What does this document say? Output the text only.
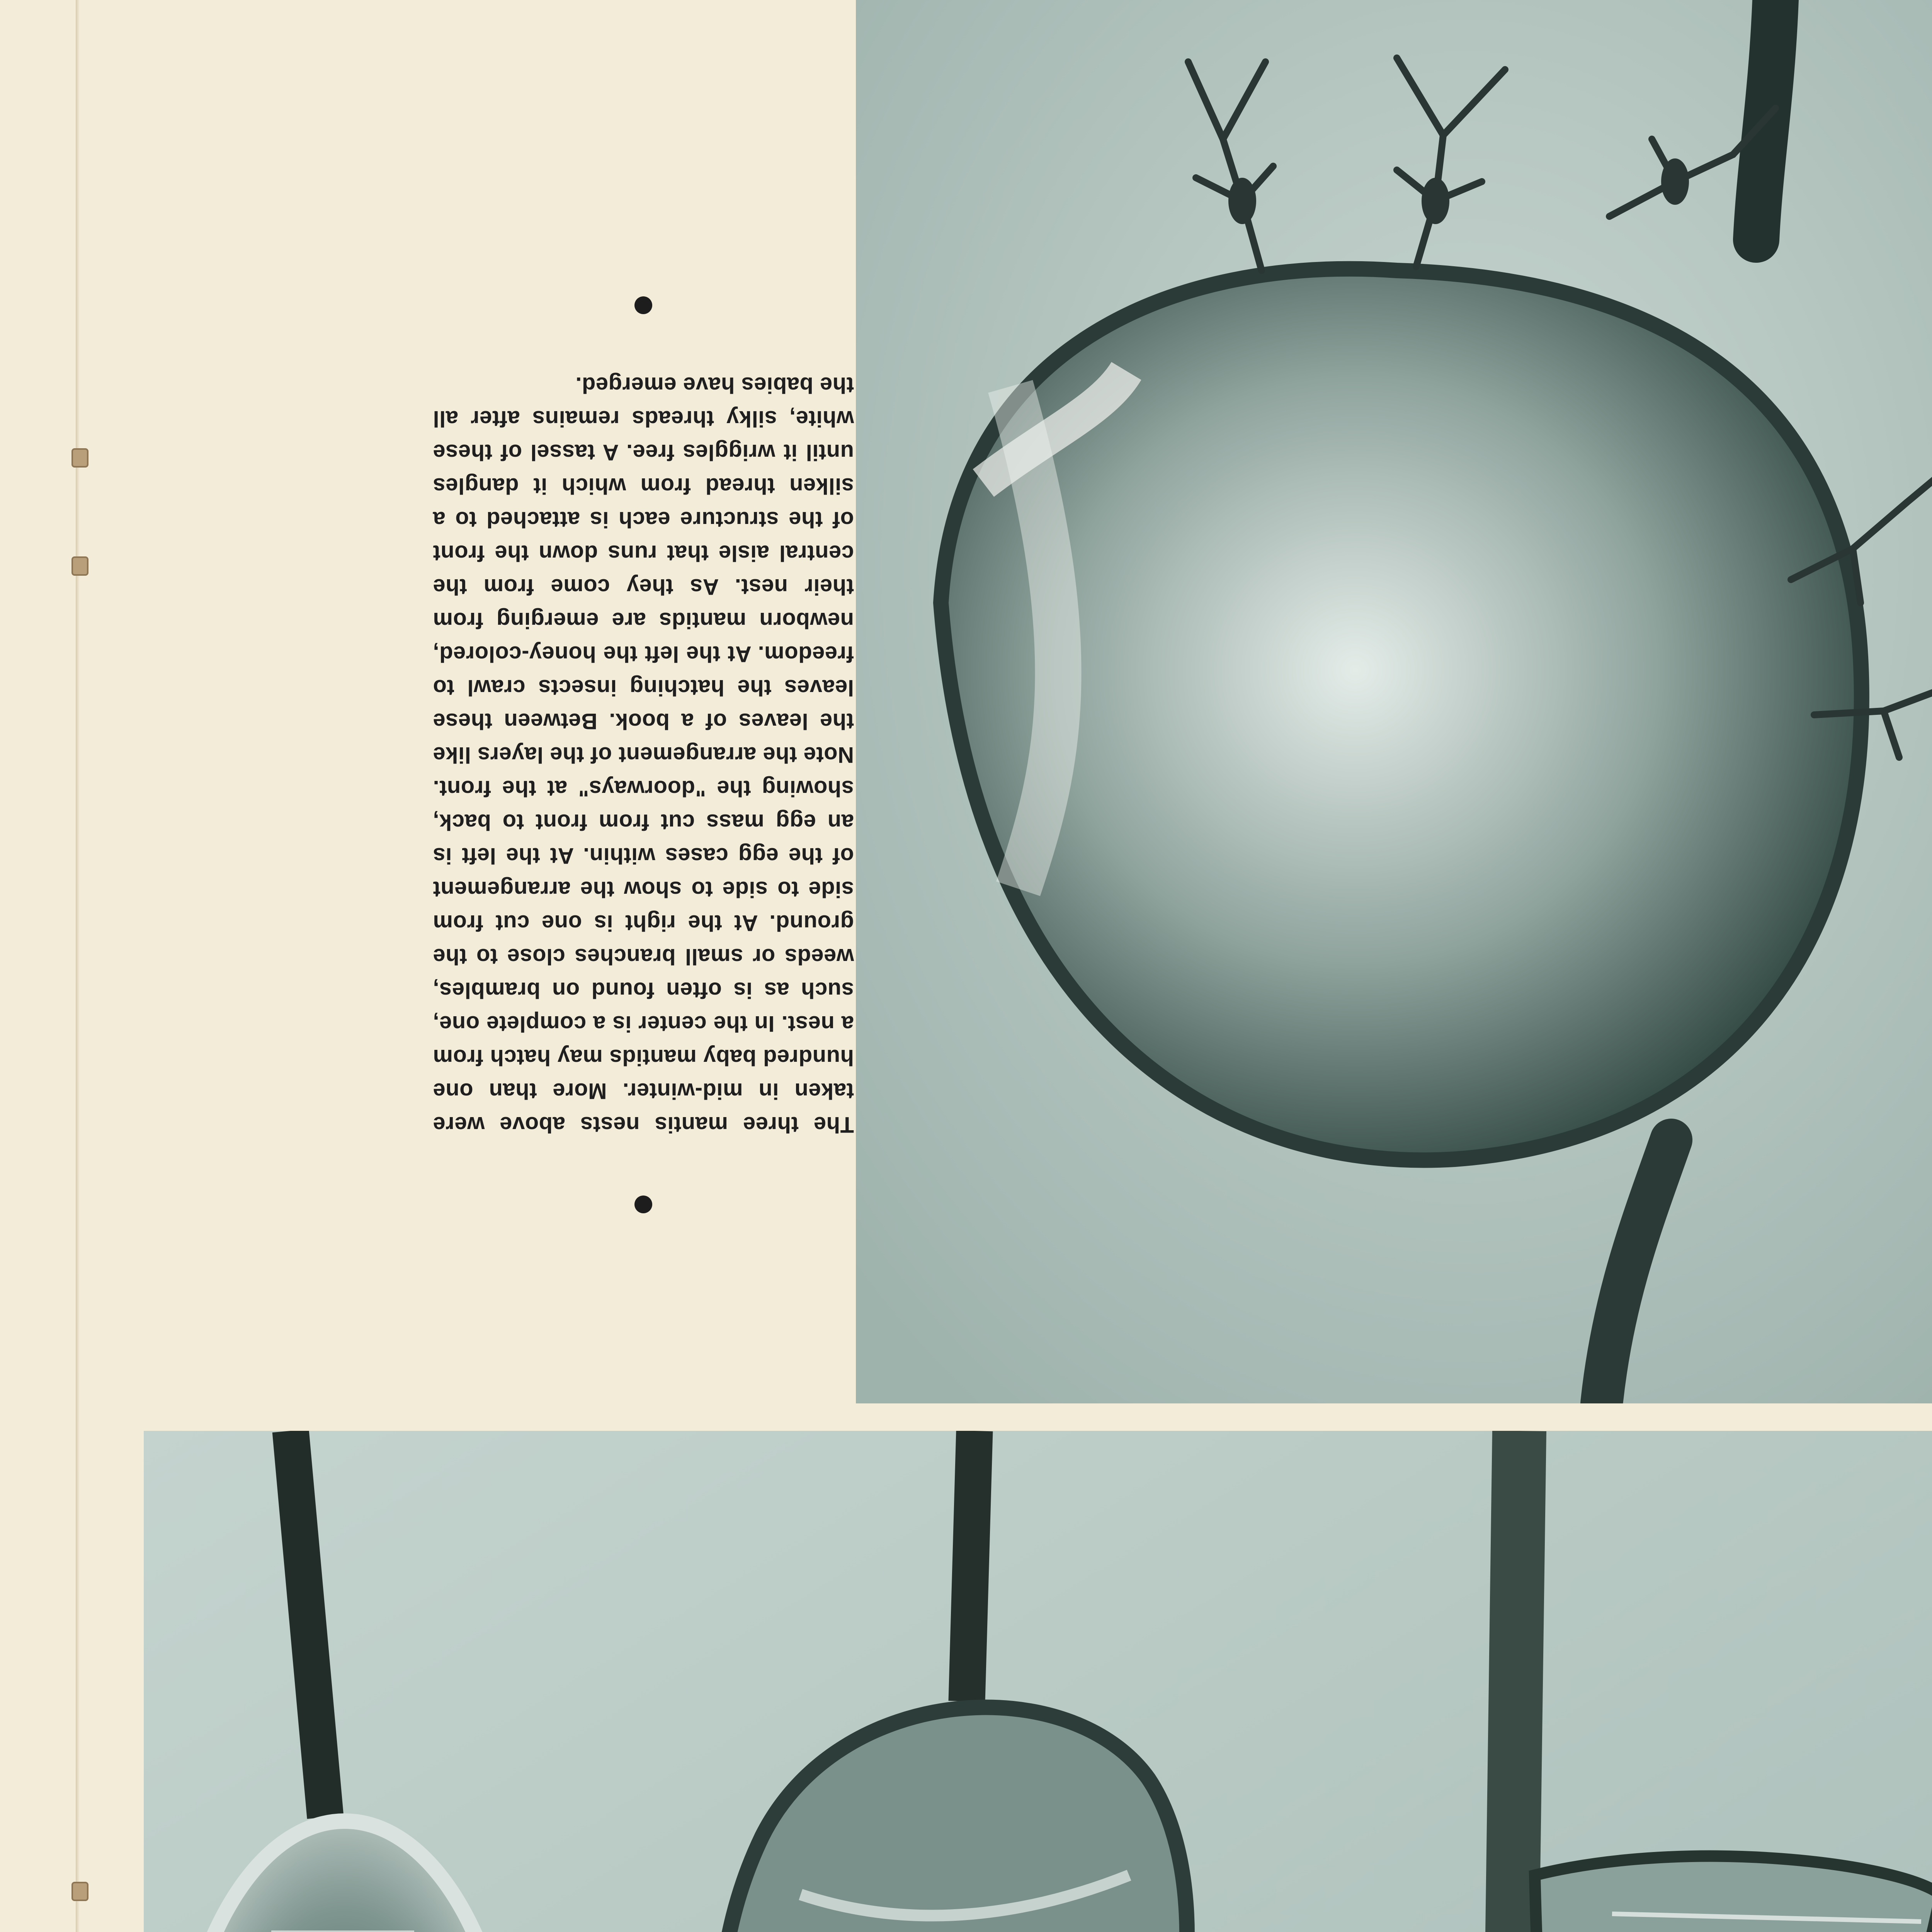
The three mantis nests above were taken in mid-winter. More than one hundred baby mantids may hatch from a nest. In the center is a complete one, such as is often found on brambles, weeds or small branches close to the ground. At the right is one cut from side to side to show the arrangement of the egg cases within. At the left is an egg mass cut from front to back, showing the "doorways" at the front. Note the arrangement of the layers like the leaves of a book. Between these leaves the hatching insects crawl to freedom. At the left the honey-colored, newborn mantids are emerging from their nest. As they come from the central aisle that runs down the front of the structure each is attached to a silken thread from which it dangles until it wriggles free. A tassel of these white, silky threads remains after all the babies have emerged.
